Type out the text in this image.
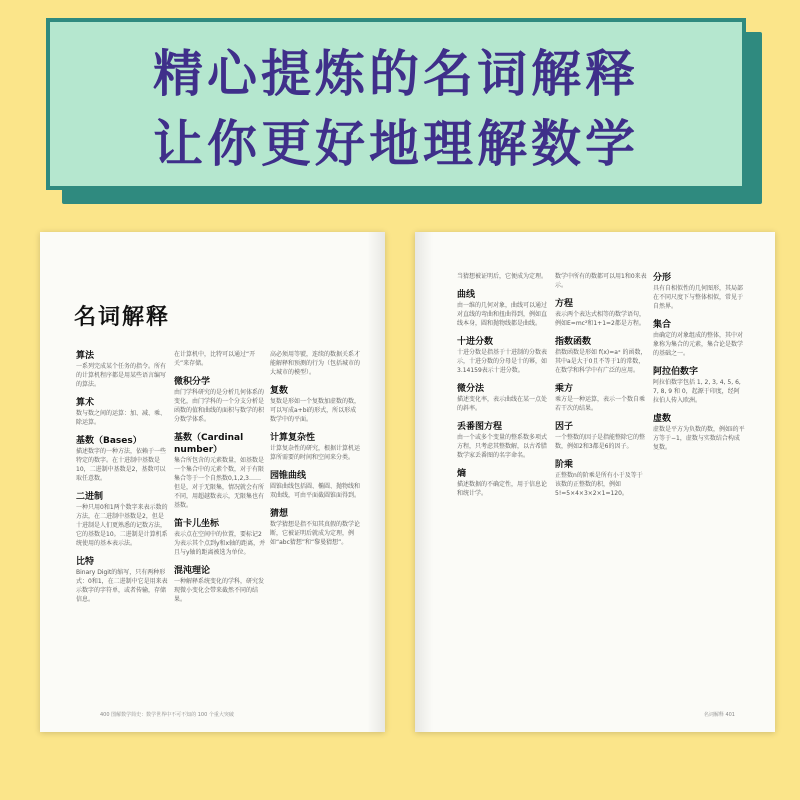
精心提炼的名词解释
让你更好地理解数学
名词解释
算法
一系列完成某个任务的指令。所有的计算机程序都是用某些语言编写的算法。
算术
数与数之间的运算：加、减、乘、除运算。
基数（Bases）
描述数字的一种方法，依赖于一些特定的数字。在十进制中基数是10，二进制中基数是2，基数可以取任意数。
二进制
一种只用0和1两个数字来表示数的方法，在二进制中基数是2，但是十进制是人们更熟悉的记数方法，它的基数是10。二进制是计算机系统使用的基本表示法。
比特
Binary Digit的缩写，只有两种形式：0和1，在二进制中它是用来表示数字的字符单，或者传输，存储信息。
在计算机中，比特可以通过“开关”来存储。
微积分学
由门学科研究的是分析几何体系的变化，由门学科的一个分支分析是函数的值和曲线的面积与数学的积分数学体系。
基数（Cardinal number）
集合所包含的元素数量，如基数是一个集合中的元素个数，对于有限集合等于一个自然数0,1,2,3……但是，对于无限集，情况就会有所不同，用超越数表示，无限集也有基数。
笛卡儿坐标
表示点在空间中的位置，要标记2为表示其个点到y和x轴的距离，并且与y轴的距离被选为单位。
混沌理论
一种解释系统变化的学科，研究发现微小变化会带来截然不同的结果。
高必须用等號，连续的数据关系才能解释和预测的行为（包括城市的大城市的模型）。
复数
复数是形如一个复数加虚数的数，可以写成a+bi的形式，所以形成数学中的平面。
计算复杂性
计算复杂性的研究，根据计算机运算所需要的时间和空间来分类。
园锥曲线
圆锥曲线包括圆、椭圆、抛物线和双曲线，可由平面截圆锥面得到。
猜想
数学猜想是指不知其真假的数学论断，它被证明后就成为定理，例如“abc猜想”和“黎曼猜想”。
400 图解数学简史：数学世界中不可不知的 100 个重大突破
当猜想被证明后，它便成为定理。
曲线
由一维的几何对象，曲线可以通过对直线的弯曲和扭曲得到，例如直线本身，圆和抛物线都是曲线。
十进分数
十进分数是指基于十进制的分数表示，十进分数的分母是十的幂，如3.14159表示十进分数。
微分法
描述变化率，表示曲线在某一点处的斜率。
丢番图方程
由一个或多个变量的整系数多项式方程，只考虑其整数解，以古希腊数学家丢番图的名字命名。
熵
描述数据的不确定性，用于信息论和统计学。
数学中所有的数都可以用1和0来表示。
方程
表示两个表达式相等的数学语句，例如E=mc²和1+1=2都是方程。
指数函数
指数函数是形如 f(x)=aˣ 的函数，其中a是大于0且不等于1的常数，在数学和科学中有广泛的应用。
乘方
乘方是一种运算，表示一个数自乘若干次的结果。
因子
一个整数的因子是指能整除它的整数，例如2和3都是6的因子。
阶乘
正整数n的阶乘是所有小于及等于该数的正整数的积，例如5!=5×4×3×2×1=120。
分形
具有自相似性的几何图形，其局部在不同尺度下与整体相似，常见于自然界。
集合
由确定的对象组成的整体，其中对象称为集合的元素，集合论是数学的基础之一。
阿拉伯数字
阿拉伯数字包括 1, 2, 3, 4, 5, 6, 7, 8, 9 和 0，起源于印度，经阿拉伯人传入欧洲。
虚数
虚数是平方为负数的数，例如i的平方等于−1，虚数与实数结合构成复数。
名词解释 401
